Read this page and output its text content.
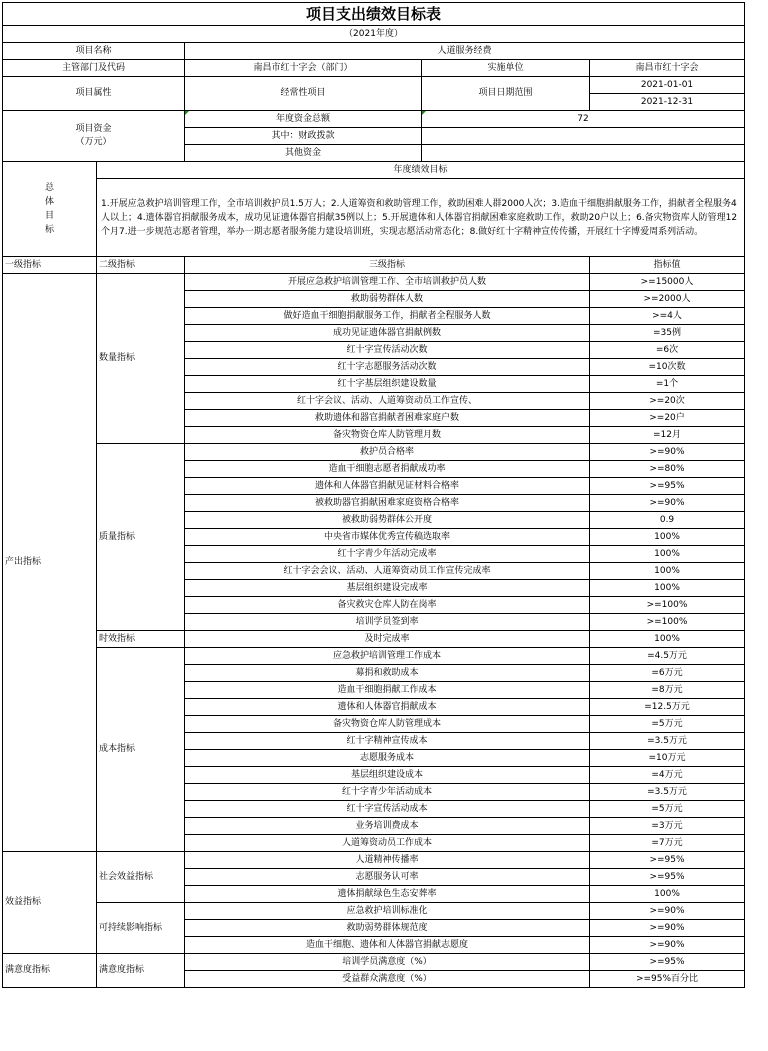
项目支出绩效目标表				
（2021年度）				
项目名称		人道服务经费		
主管部门及代码		南昌市红十字会（部门）	实施单位	南昌市红十字会
项目属性		经常性项目	项目日期范围	2021-01-01
				2021-12-31
项目资金
（万元）		年度资金总额	72	
		其中：财政拨款		
		其他资金		
总体目标	年度绩效目标			
	1.开展应急救护培训管理工作，全市培训救护员1.5万人；2.人道筹资和救助管理工作，救助困难人群2000人次；3.造血干细胞捐献服务工作，捐献者全程服务4人以上；4.遗体器官捐献服务成本，成功见证遗体器官捐献35例以上；5.开展遗体和人体器官捐献困难家庭救助工作，救助20户以上；6.备灾物资库人防管理12个月7.进一步规范志愿者管理，举办一期志愿者服务能力建设培训班，实现志愿活动常态化；8.做好红十字精神宣传传播，开展红十字博爱周系列活动。			
一级指标	二级指标	三级指标		指标值
产出指标	数量指标	开展应急救护培训管理工作、全市培训救护员人数		>=15000人
		救助弱势群体人数		>=2000人
		做好造血干细胞捐献服务工作，捐献者全程服务人数		>=4人
		成功见证遗体器官捐献例数		=35例
		红十字宣传活动次数		=6次
		红十字志愿服务活动次数		=10次数
		红十字基层组织建设数量		=1个
		红十字会议、活动、人道筹资动员工作宣传、		>=20次
		救助遗体和器官捐献者困难家庭户数		>=20户
		备灾物资仓库人防管理月数		=12月
	质量指标	救护员合格率		>=90%
		造血干细胞志愿者捐献成功率		>=80%
		遗体和人体器官捐献见证材料合格率		>=95%
		被救助器官捐献困难家庭资格合格率		>=90%
		被救助弱势群体公开度		0.9
		中央省市媒体优秀宣传稿选取率		100%
		红十字青少年活动完成率		100%
		红十字会会议、活动、人道筹资动员工作宣传完成率		100%
		基层组织建设完成率		100%
		备灾救灾仓库人防在岗率		>=100%
		培训学员签到率		>=100%
	时效指标	及时完成率		100%
	成本指标	应急救护培训管理工作成本		=4.5万元
		募捐和救助成本		=6万元
		造血干细胞捐献工作成本		=8万元
		遗体和人体器官捐献成本		=12.5万元
		备灾物资仓库人防管理成本		=5万元
		红十字精神宣传成本		=3.5万元
		志愿服务成本		=10万元
		基层组织建设成本		=4万元
		红十字青少年活动成本		=3.5万元
		红十字宣传活动成本		=5万元
		业务培训费成本		=3万元
		人道筹资动员工作成本		=7万元
效益指标	社会效益指标	人道精神传播率		>=95%
		志愿服务认可率		>=95%
		遗体捐献绿色生态安葬率		100%
	可持续影响指标	应急救护培训标准化		>=90%
		救助弱势群体规范度		>=90%
		造血干细胞、遗体和人体器官捐献志愿度		>=90%
满意度指标	满意度指标	培训学员满意度（%）		>=95%
		受益群众满意度（%）		>=95%百分比
